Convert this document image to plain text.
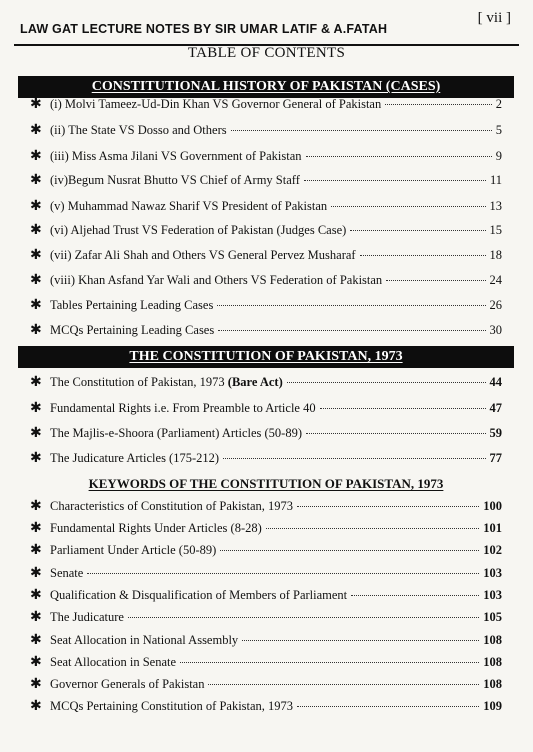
LAW GAT LECTURE NOTES BY SIR UMAR LATIF & A.FATAH
[ vii ]
TABLE OF CONTENTS
CONSTITUTIONAL HISTORY OF PAKISTAN (CASES)
✱ (i) Molvi Tameez-Ud-Din Khan VS Governor General of Pakistan	2
✱ (ii) The State VS Dosso and Others	5
✱ (iii) Miss Asma Jilani VS Government of Pakistan	9
✱ (iv)Begum Nusrat Bhutto VS Chief of Army Staff	11
✱ (v) Muhammad Nawaz Sharif VS President of Pakistan	13
✱ (vi) Aljehad Trust VS Federation of Pakistan (Judges Case)	15
✱ (vii) Zafar Ali Shah and Others VS General Pervez Musharaf	18
✱ (viii) Khan Asfand Yar Wali and Others VS Federation of Pakistan	24
✱ Tables Pertaining Leading Cases	26
✱ MCQs Pertaining Leading Cases	30
THE CONSTITUTION OF PAKISTAN, 1973
✱ The Constitution of Pakistan, 1973 (Bare Act)	44
✱ Fundamental Rights i.e. From Preamble to Article 40	47
✱ The Majlis-e-Shoora (Parliament) Articles (50-89)	59
✱ The Judicature Articles (175-212)	77
KEYWORDS OF THE CONSTITUTION OF PAKISTAN, 1973
✱ Characteristics of Constitution of Pakistan, 1973	100
✱ Fundamental Rights Under Articles (8-28)	101
✱ Parliament Under Article (50-89)	102
✱ Senate	103
✱ Qualification & Disqualification of Members of Parliament	103
✱ The Judicature	105
✱ Seat Allocation in National Assembly	108
✱ Seat Allocation in Senate	108
✱ Governor Generals of Pakistan	108
✱ MCQs Pertaining Constitution of Pakistan, 1973	109
